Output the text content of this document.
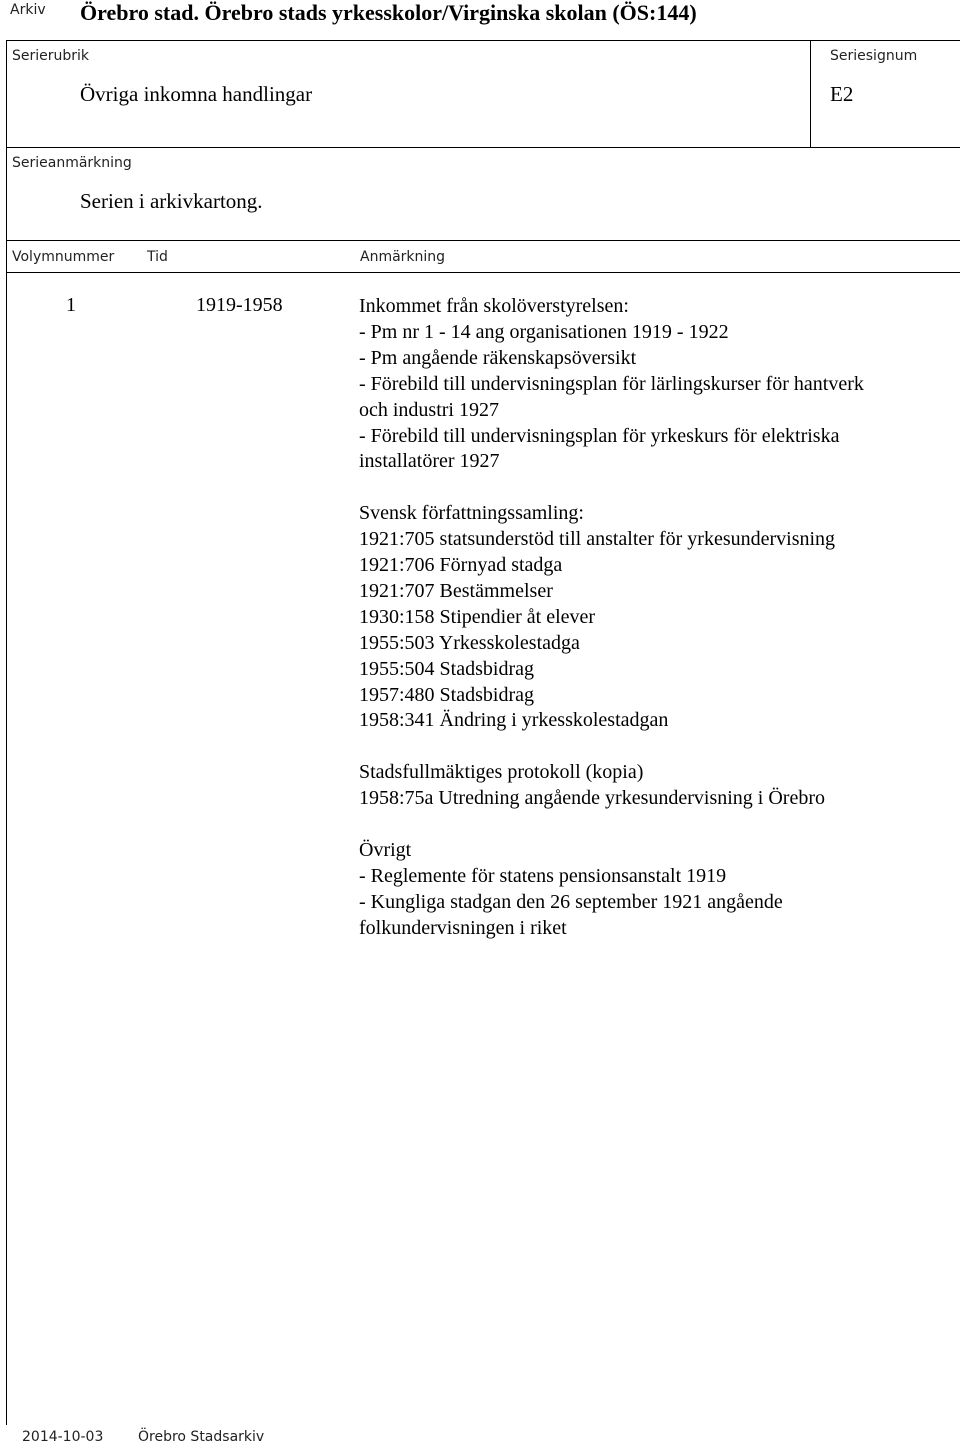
Arkiv Örebro stad. Örebro stads yrkesskolor/Virginska skolan (ÖS:144)
Serierubrik
Övriga inkomna handlingar
Seriesignum
E2
Serieanmärkning
Serien i arkivkartong.
Volymnummer Tid	Anmärkning
1	1919-1958	Inkommet från skolöverstyrelsen:
- Pm nr 1 - 14 ang organisationen 1919 - 1922
- Pm angående räkenskapsöversikt
- Förebild till undervisningsplan för lärlingskurser för hantverk
och industri 1927
- Förebild till undervisningsplan för yrkeskurs för elektriska
installatörer 1927
Svensk författningssamling:
1921:705 statsunderstöd till anstalter för yrkesundervisning
1921:706 Förnyad stadga
1921:707 Bestämmelser
1930:158 Stipendier åt elever
1955:503 Yrkesskolestadga
1955:504 Stadsbidrag
1957:480 Stadsbidrag
1958:341 Ändring i yrkesskolestadgan
Stadsfullmäktiges protokoll (kopia)
1958:75a Utredning angående yrkesundervisning i Örebro
Övrigt
- Reglemente för statens pensionsanstalt 1919
- Kungliga stadgan den 26 september 1921 angående
folkundervisningen i riket
2014-10-03 Örebro Stadsarkiv
